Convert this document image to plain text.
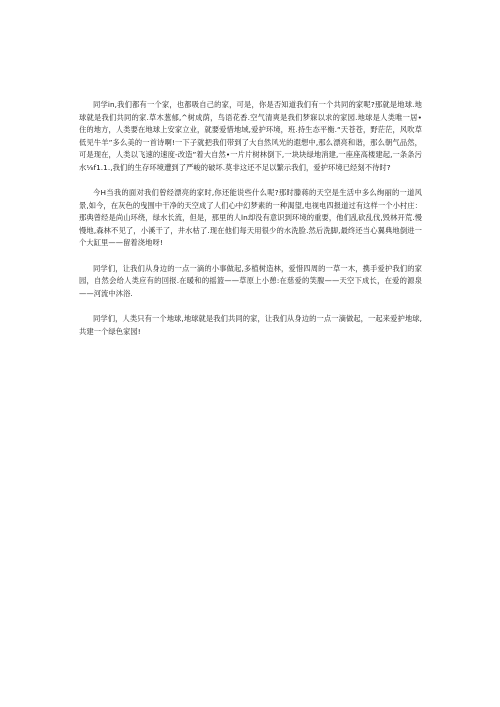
同学in,我们都有一个家，也都吸自己的家，可是，你是否知道我们有一个共同的家呢?那就是地球.地球就是我们共同的家.草木葱郁,^树成荫，鸟语花香.空气清爽是我们梦寐以求的家园.地球是人类唯一居•住的地方，人类要在地球上安家立业，就要爱惜地域,爱护环境，班.持生态平衡.“天苍苍，野茫茫，风吹草低见牛羊”多么美的一首诗啊!一下子就把我们带到了大自然风光的遐想中,那么漂亮和谐，那么朝气品然，可是现在，人类以飞速的速度-改造”着大自然•一片片树林倒下,一块块绿地消建,一座座高楼建起,一条条污水⅛f1.1.,我们的生存环境遭到了严峻的破坏.莫非这还不足以繁示我们，爱护环境已经刻不待时?

今H当我的面对我们曾经漂亮的家时,你还能说些什么呢?那时滕蒋的天空是生活中多么绚丽的一道风景,如今，在灰色的曳围中干净的天空成了人们心中幻梦素的一种渴望,电视电四报道过有这样一个小村庄：那典曾经是尚山环绕，绿水长流，但是，那里的人ln却没有意识到环境的重要，他们乱砍乱伐,毁林开荒.慢慢地,森林不见了，小溪干了，井水枯了.现在他们每天用很少的水洗脸.然后洗脚,最终还当心翼典地倒进一个大缸里——留着浇地呀!

同学们，让我们从身边的一点一滴的小事做起,多植树造林，爱惜四周的一草一木，携手爱护我们的家园，自然会给人类应有的回报.在暖和的摇篮——草原上小憩:在慈爱的笑腹——天空下成长，在爱的源泉——河流中沐浴.

同学们，人类只有一个地球,地球就是我们共同的家，让我们从身边的一点一滴做起，一起来爱护地球,共建一个绿色家园!
